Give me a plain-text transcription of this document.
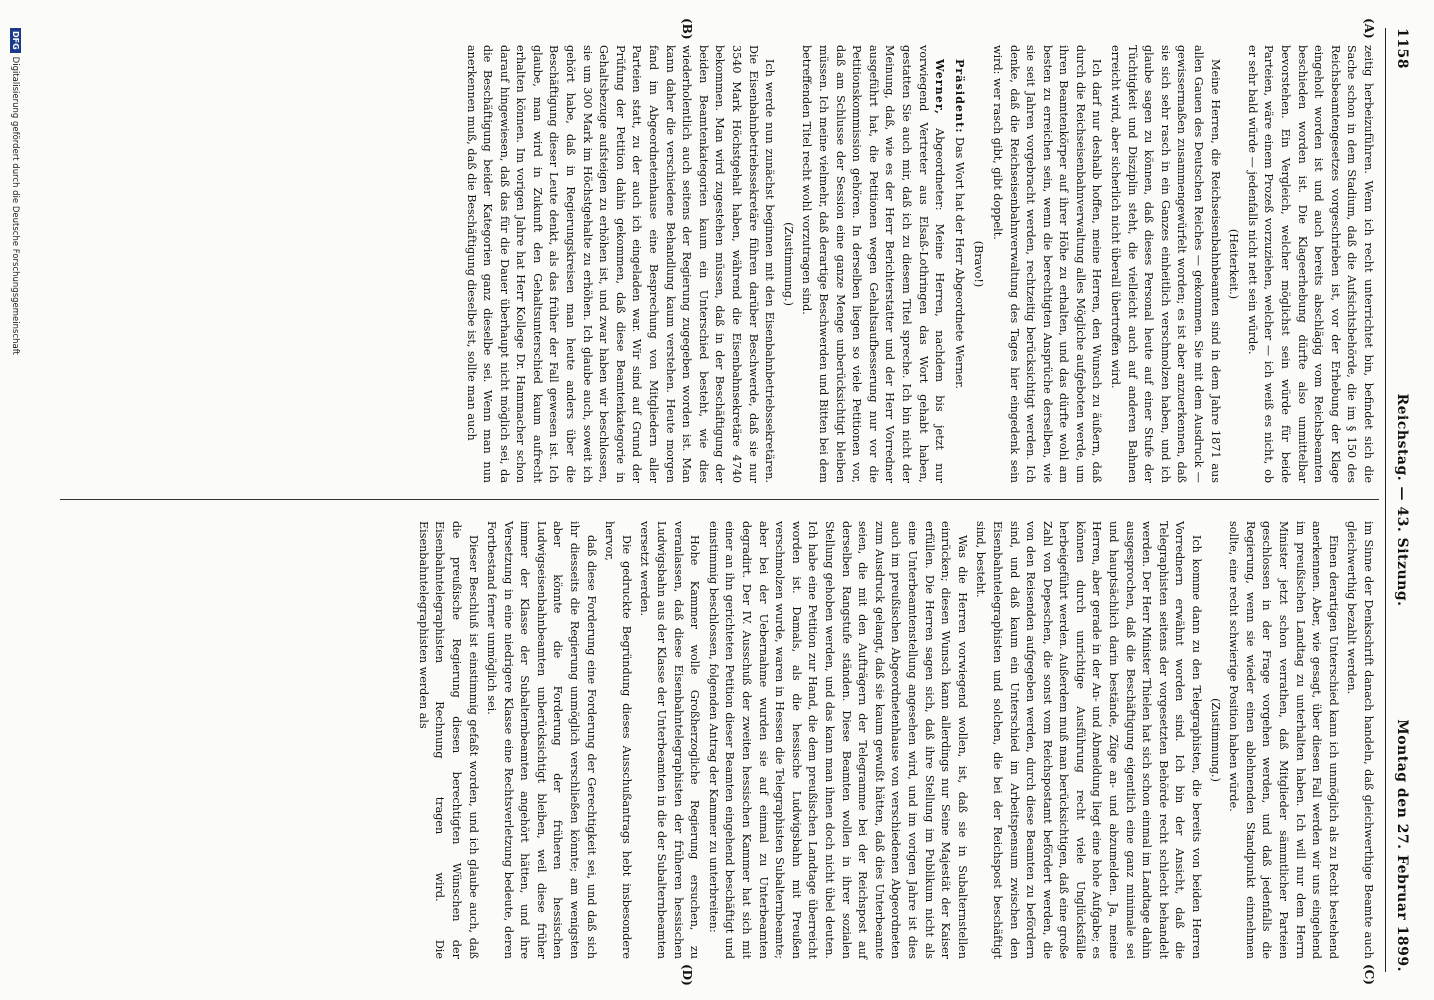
1158
Reichstag. — 43. Sitzung.
Montag den 27. Februar 1899.
(A)
(B)
(C)
(D)

zeitig herbeizuführen. Wenn ich recht unterrichtet bin, befindet sich die Sache schon in dem Stadium, daß die Aufsichtsbehörde, die im § 150 des Reichsbeamtengesetzes vorgeschrieben ist, vor der Erhebung der Klage eingeholt worden ist und auch bereits abschlägig vom Reichsbeamten beschieden worden ist. Die Klageerhebung dürfte also unmittelbar bevorstehen. Ein Vergleich, welcher möglichst sein würde für beide Parteien, wäre einem Prozeß vorzuziehen, welcher — ich weiß es nicht, ob er sehr bald würde — jedenfalls nicht nett sein würde.

(Heiterkeit.)

Meine Herren, die Reichseisenbahnbeamten sind in dem Jahre 1871 aus allen Gauen des Deutschen Reiches — gekommen. Sie mit dem Ausdruck — gewissermaßen zusammengewürfelt worden; es ist aber anzuerkennen, daß sie sich sehr rasch in ein Ganzes einheitlich verschmolzen haben, und ich glaube sagen zu können, daß dieses Personal heute auf einer Stufe der Tüchtigkeit und Disziplin steht, die vielleicht auch auf anderen Bahnen erreicht wird, aber sicherlich nicht überall übertroffen wird.

Ich darf nur deshalb hoffen, meine Herren, den Wunsch zu äußern, daß durch die Reichseisenbahnverwaltung alles Mögliche aufgeboten werde, um ihren Beamtenkörper auf ihrer Höhe zu erhalten, und das dürfte wohl am besten zu erreichen sein, wenn die berechtigten Ansprüche derselben, wie sie seit Jahren vorgebracht werden, rechtzeitig berücksichtigt werden. Ich denke, daß die Reichseisenbahnverwaltung des Tages hier eingedenk sein wird: wer rasch gibt, gibt doppelt.

(Bravo!)

Präsident: Das Wort hat der Herr Abgeordnete Werner.

Werner, Abgeordneter: Meine Herren, nachdem bis jetzt nur vorwiegend Vertreter aus Elsaß-Lothringen das Wort gehabt haben, gestatten Sie auch mir, daß ich zu diesem Titel spreche. Ich bin nicht der Meinung, daß, wie es der Herr Berichterstatter und der Herr Vorredner ausgeführt hat, die Petitionen wegen Gehaltsaufbesserung nur vor die Petitionskommission gehören. In derselben liegen so viele Petitionen vor, daß am Schlusse der Session eine ganze Menge unberücksichtigt bleiben müssen. Ich meine vielmehr, daß derartige Beschwerden und Bitten bei dem betreffenden Titel recht wohl vorzutragen sind.

(Zustimmung.)

Ich werde nun zunächst beginnen mit den Eisenbahnbetriebssekretären. Die Eisenbahnbetriebssekretäre führen darüber Beschwerde, daß sie nur 3540 Mark Höchstgehalt haben, während die Eisenbahnsekretäre 4740 bekommen. Man wird zugestehen müssen, daß in der Beschäftigung der beiden Beamtenkategorien kaum ein Unterschied besteht, wie dies wiederholentlich auch seitens der Regierung zugegeben worden ist. Man kann daher die verschiedene Behandlung kaum verstehen. Heute morgen fand im Abgeordnetenhause eine Besprechung von Mitgliedern aller Parteien statt, zu der auch ich eingeladen war. Wir sind auf Grund der Prüfung der Petition dahin gekommen, daß diese Beamtenkategorie in Gehaltsbezuge aufsteigen zu erhöhen ist, und zwar haben wir beschlossen, sie um 300 Mark im Höchstgehalte zu erhöhen. Ich glaube auch, soweit ich gehört habe, daß in Regierungskreisen man heute anders über die Beschäftigung dieser Leute denkt, als das früher der Fall gewesen ist. Ich glaube, man wird in Zukunft den Gehaltsunterschied kaum aufrecht erhalten können. Im vorigen Jahre hat Herr Kollege Dr. Hammacher schon darauf hingewiesen, daß das für die Dauer überhaupt nicht möglich sei, da die Beschäftigung beider Kategorien ganz dieselbe sei. Wenn man nun anerkennen muß, daß die Beschäftigung dieselbe ist, sollte man auch

im Sinne der Denkschrift danach handeln, daß gleichwerthige Beamte auch gleichwerthig bezahlt werden.

Einen derartigen Unterschied kann ich unmöglich als zu Recht bestehend anerkennen. Aber, wie gesagt, über diesen Fall werden wir uns eingehend im preußischen Landtag zu unterhalten haben. Ich will nur dem Herrn Minister jetzt schon verrathen, daß Mitglieder sämmtlicher Parteien geschlossen in der Frage vorgehen werden, und daß jedenfalls die Regierung, wenn sie wieder einen ablehnenden Standpunkt einnehmen sollte, eine recht schwierige Position haben würde.

(Zustimmung.)

Ich komme dann zu den Telegraphisten, die bereits von beiden Herren Vorrednern erwähnt worden sind. Ich bin der Ansicht, daß die Telegraphisten seitens der vorgesetzten Behörde recht schlecht behandelt werden. Der Herr Minister Thielen hat sich schon einmal im Landtage dahin ausgesprochen, daß die Beschäftigung eigentlich eine ganz minimale sei und hauptsächlich darin bestände, Züge an- und abzumelden. Ja, meine Herren, aber gerade in der An- und Abmeldung liegt eine hohe Aufgabe; es können durch unrichtige Ausführung recht viele Unglücksfälle herbeigeführt werden. Außerdem muß man berücksichtigen, daß eine große Zahl von Depeschen, die sonst vom Reichspostamt befördert werden, die von den Reisenden aufgegeben werden, durch diese Beamten zu befördern sind, und daß kaum ein Unterschied im Arbeitspensum zwischen den Eisenbahntelegraphisten und solchen, die bei der Reichspost beschäftigt sind, besteht.

Was die Herren vorwiegend wollen, ist, daß sie in Subalternstellen einrücken; diesen Wunsch kann allerdings nur Seine Majestät der Kaiser erfüllen. Die Herren sagen sich, daß ihre Stellung im Publikum nicht als eine Unterbeamtenstellung angesehen wird, und im vorigen Jahre ist dies auch im preußischen Abgeordnetenhause von verschiedenen Abgeordneten zum Ausdruck gelangt, daß sie kaum gewußt hätten, daß dies Unterbeamte seien, die mit den Aufträgern der Telegramme bei der Reichspost auf derselben Rangstufe ständen. Diese Beamten wollen in ihrer sozialen Stellung gehoben werden, und das kann man ihnen doch nicht übel deuten. Ich habe eine Petition zur Hand, die dem preußischen Landtage überreicht worden ist. Damals, als die hessische Ludwigsbahn mit Preußen verschmolzen wurde, waren in Hessen die Telegraphisten Subalternbeamte; aber bei der Uebernahme wurden sie auf einmal zu Unterbeamten degradirt. Der IV. Ausschuß der zweiten hessischen Kammer hat sich mit einer an ihn gerichteten Petition dieser Beamten eingehend beschäftigt und einstimmig beschlossen, folgenden Antrag der Kammer zu unterbreiten:

Hohe Kammer wolle Großherzogliche Regierung ersuchen, zu veranlassen, daß diese Eisenbahntelegraphisten der früheren hessischen Ludwigsbahn aus der Klasse der Unterbeamten in die der Subalternbeamten versetzt werden.

Die gedruckte Begründung dieses Ausschußantrags hebt insbesondere hervor,

daß diese Forderung eine Forderung der Gerechtigkeit sei, und daß sich ihr diesseits die Regierung unmöglich verschließen könnte; am wenigsten aber könnte die Forderung der früheren hessischen Ludwigseisenbahnbeamten unberücksichtigt bleiben, weil diese früher immer der Klasse der Subalternbeamten angehört hätten, und ihre Versetzung in eine niedrigere Klasse eine Rechtsverletzung bedeute, deren Fortbestand ferner unmöglich sei.

Dieser Beschluß ist einstimmig gefaßt worden, und ich glaube auch, daß die preußische Regierung diesen berechtigten Wünschen der Eisenbahntelegraphisten Rechnung tragen wird. Die Eisenbahntelegraphisten werden als

DFG
Digitalisierung gefördert durch die Deutsche Forschungsgemeinschaft
